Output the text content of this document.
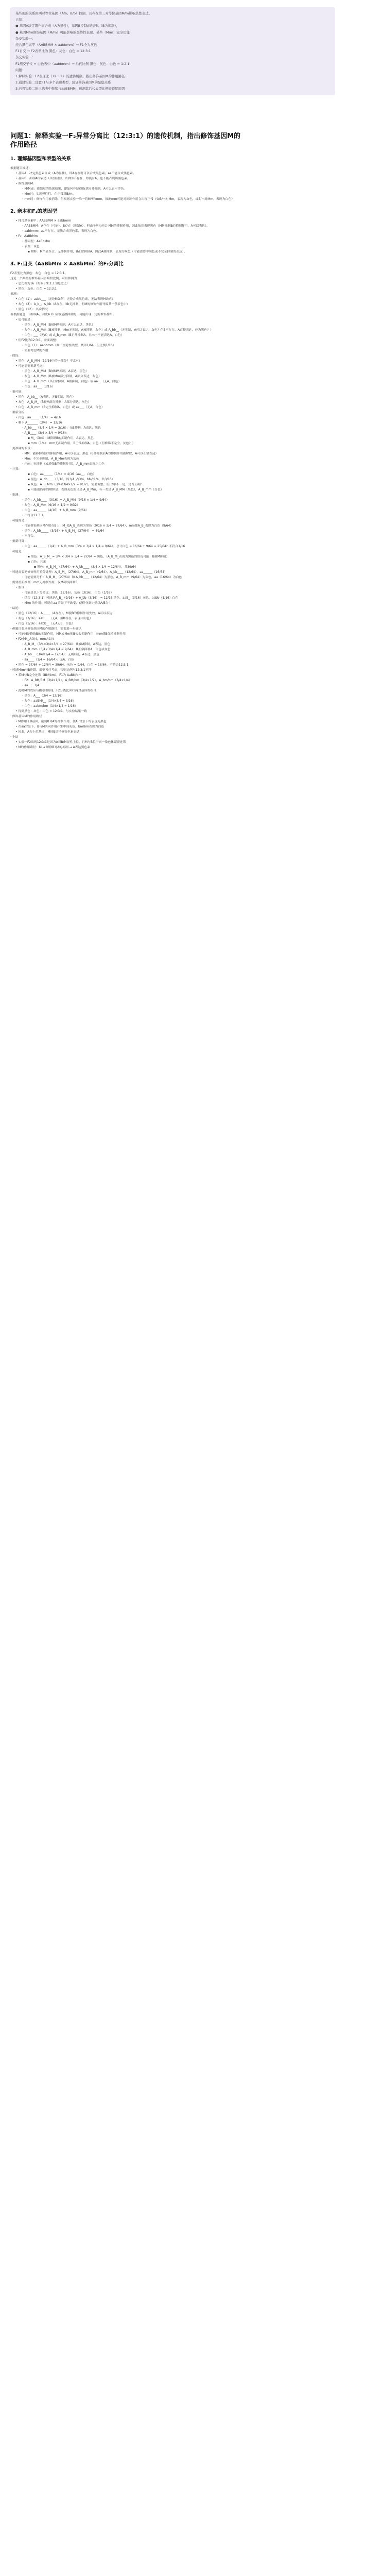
某些他的关系由两对等位基因（A/a、B/b）控制，且存在第三对等位基因M/m影响其性表达。

已知：

● 基因A决定黑色素合成（A为显性），基因B控制A的表达（B为抑制），

● 基因M/m修饰基因（M/m）可能影响的最终性表现。某些（M/m）完全功能

杂交实验一：

纯合黑色素甲（AABBMM × aabbmm）→ F1全为灰色

F1自交 → F2表型比为 黑色：灰色：白色 = 12:3:1

杂交实验二：

F1测交子代 = 白色表中（aabbmm）→ 后代比例 黑色：灰色：白色 = 1:2:1

问题：

1.解释实验一F2表现比（12:3:1）的遗传机制，推出修饰基因M的作用路径

2.通过实验二设置F1与多个表现类型，验证修饰基因M的显隐关系

3.若将实验二的已选表中继续与aaBBMM，预测其后代表型比例并说明原因

问题1：解释实验一F₂异常分离比（12:3:1）的遗传机制，指出修饰基因M的作用路径
1. 理解基因型和表型的关系
根据题目描述：
• 基因A：决定黑色素合成（A为显性），即A存在时可以合成黑色素。aa不能合成黑色素。
• 基因B：抑制A的表达（B为显性），即如果B存在，即使有A，也不能表现出黑色素。
• 修饰基因M：
◦ M/M或：能缩短的依据如果，即如何控制修饰基因对抑制，A可以表示浮色。
◦ Mm时：实现弹性性，在正常对B/m。
◦ mm时：修饰作用被消除，但根据实验一唯一将MM和mm，推测mm可能对抑制作用会出现正常（如B/m对Mm，表现为灰色，或B/m对Mm，表现为白色）
2. 亲本和F₁的基因型
• 纯合黑色素甲：AABBMM × aabbmm
◦ AABBMM：A存在（可能），B存在（抑制A），但由于M为纯合 MM的抑制作用，因此依然表现黑色（MM抑制B的抑制作用，A可以表达）。
◦ aabbmm：aa不存在，无法合成黑色素，表现为白色。
• F₁：AaBbMm
◦ 基因型：AaBbMm
◦ 表型：灰色
▪ 解释：Mm显杂合，无抑制作用，B正常抑制A，因此A被抑制，表现为灰色（可能需要中间色或不完全抑制的表达）。
3. F₁自交（AaBbMm × AaBbMm）的F₂分离比
F2表型比为黑色：灰色：白色 = 12:3:1。
这是一个典型的修饰基因影响的比例，可以推测为：
• 总比例为16（类似于9:3:3:1的变式）
• 黑色：灰色：白色 = 12:3:1
推测：
• 白色（1）：aabb___（无论M如何，无论合成黑色素，无法表现M效应）
• 灰色（3）：A_b_，A_bb（A存在，bb无抑制，但M的修饰作用导致某一条表色中）
• 黑色（12）：其余情况
但根据题意，B抑制A，因此A_B_应该是被抑制的，可能出现一定的修饰作用。
• 更可能是：
◦ 黑色：A_B_MM（B被MM抑制，A可以表达，黑色）
◦ 灰色：A_B_Mm（B被抑制，Mm无抑制，A被抑制，灰色）或 A_bb__（无抑制，A可以表达，灰色？但B不存在，A直接表达，应为黑色？）
◦ 白色：___（无A）或 A_B_mm（B正常抑制A，且mm不能表达A，白色）
• 但F2比为12:3:1，需要调整：
◦ 白色（1）：aabbmm（唯一全隐性类型，概率1/64，但比例1/16）
◦ 需要考虑M的作用：
· 假设：
• 黑色：A_B_MM（12/16中的一部分？不太对）
• 可能需要重新考虑：
◦ 黑色：A_B_MM（B被MM抑制，A表达，黑色）
◦ 灰色：A_B_Mm（B被Mm部分抑制，A部分表达，灰色）
◦ 白色：A_B_mm（B正常抑制，A被抑制，白色）或 aa__（无A，白色）
◦ 白色：aa___（3/16）
· 更可能：
• 黑色：A_bb__（A表达，无B抑制，黑色）
• 灰色：A_B_M_（B被M部分抑制，A部分表达，灰色）
• 白色：A_B_mm（B完全抑制A，白色）或 aa___（无A，白色）
· 重新分析：
• 白色：aa_____（1/4） = 4/16
• 剩下 A_______（3/4） = 12/16
◦ A_bb___（3/4 × 1/4 = 3/16）：无B抑制，A表达，黑色
◦ A_B____（3/4 × 3/4 = 9/16）：
▪ M_（3/4）：M抑制B的抑制作用，A表达，黑色
▪ mm（1/4）：mm无抑制作用，B正常抑制A，白色（但修饰不完全，灰色？）
· 更准确的假设：
◦ MM：能够抑制B的抑制作用，A可以表达，黑色（B被抑制后A的抑制作用被解除，A可以正常表达）
◦ Mm：不完全抑制，A_B_Mm表现为灰色
◦ mm：无抑制（或增强B的抑制作用），A_B_mm表现为白色
· 计算：
▪ 白色：aa______（1/4）= 4/16（aa__，白色）
▪ 黑色：A_bb____（3/16，因为A_占3/4，bb占1/4，共3/16）
▪ 灰色：A_B_Mm（3/4×3/4×1/2 = 9/32），需要调整；但F2中不一定，是否正确？
▪ 可能更简单的解释是：表现灰色的只是 A_B_Mm，有一类是 A_B_MM（黑色），A_B_mm（白色）
· 推测：
◦ 黑色：A_bb____（3/16）+ A_B_MM（9/16 × 1/4 = 9/64）
◦ 灰色：A_B_Mm（9/16 × 1/2 = 9/32）
◦ 白色：aa______（4/16）+ A_B_mm（9/64）
◦ 不符合12:3:1。
· 可能的是：
◦ 可能修饰基因M作用在B上：M_使A_B_表现为黑色（9/16 × 3/4 = 27/64），mm使A_B_表现为白色（9/64）
◦ 黑色：A_bb_____（3/16）+ A_B_M_（27/64） = 39/64
◦ 不符合。
· 重新计算：
◦ 白色：aa______（1/4）+ A_B_mm（3/4 × 3/4 × 1/4 = 9/64），总计白色 = 16/64 + 9/64 = 25/64？不符合1/16
· 可能是：
▪ 黑色：A_B_M_ = 3/4 × 3/4 × 3/4 = 27/64 = 黑色，（A_B_M_表现为黑色的情况可能：B被M抑制）
▪ 白色：其余
▪ 黑色：A_B_M_（27/64）+ A_bb____（3/4 × 1/4 = 12/64），共39/64
· 可能需要把修饰作用拆分处理：A_B_M_（27/64），A_B_mm（9/64），A_bb____（12/64），aa______（16/64）
◦ 可能需要分析：A_B_M_（27/64）和 A_bb____（12/64）为黑色，A_B_mm（9/64）为灰色，aa（16/64）为白色
· 需要重新推理：mm无抑制作用，仅M可以抑制B
• 假设：
◦ 可能是以下分离比：黑色（12/16），灰色（3/16），白色（1/16）
◦ 结合（12:3:1）可能是A_B_（9/16）+ A_bb（3/16） = 12/16 黑色，aaB_（3/16）灰色，aabb（1/16）白色
◦ M/m 的作用：可能在aa 背景下不改变，使得分离比仍以A/B为主
· 结论：
• 黑色（12/16）：A_____（A存在），M使B的抑制作用失效，A可以表达
• 灰色（3/16）：aaB___（无A，但B存在，表现中间色）
• 白色（1/16）：aabb__（无A无B，白色）
· 但题目要求修饰基因M的作用路径，需要进一步确认
• 可能M是修饰B的抑制作用，MM或Mm使B失去抑制作用，mm使B保持抑制作用
• F2中M_占3/4，mm占1/4
◦ A_B_M_（3/4×3/4×3/4 = 27/64）：B被M抑制，A表达，黑色
◦ A_B_mm（3/4×3/4×1/4 = 9/64）：B正常抑制A，白色或灰色
◦ A_bb__（3/4×1/4 = 12/64）：无B抑制，A表达，黑色
◦ aa____（1/4 = 16/64）：无A，白色
• 黑色 = 27/64 + 12/64 = 39/64，灰色 = 9/64，白色 = 16/64，不符合12:3:1
· 可能M/m与B连锁，需要另行考虑，否则比例与12:3:1不符
• 若M与B完全连锁（BM/bm），F1为 AaBM/bm
◦ F2：A_BM/BM（3/4×1/4），A_BM/bm（3/4×1/2），A_bm/bm（3/4×1/4）
◦ aa__：1/4
• 此时M的效应与B同时出现，F2分离比回归两对基因的组合
◦ 黑色：A___（3/4 = 12/16）
◦ 灰色：aaBM/__（1/4×3/4 = 3/16）
◦ 白色：aabm/bm（1/4×1/4 = 1/16）
• 得到黑色：灰色：白色 = 12:3:1，与实验结果一致
· 修饰基因M的作用路径
• M作用于B基因，削弱B对A的抑制作用，使A_背景下均表现为黑色
• 在aa背景下，B与M共同作用产生中间灰色，bm/bm表现为白色
• 因此，A为上位基因，M经B途径修饰色素表达
· 小结
• 实验一F2出现12:3:1是因为A对B/M显性上位，且M与B位于同一染色体紧密连锁
• M的作用路径：M → 解除B对A的抑制 → A表达黑色素
